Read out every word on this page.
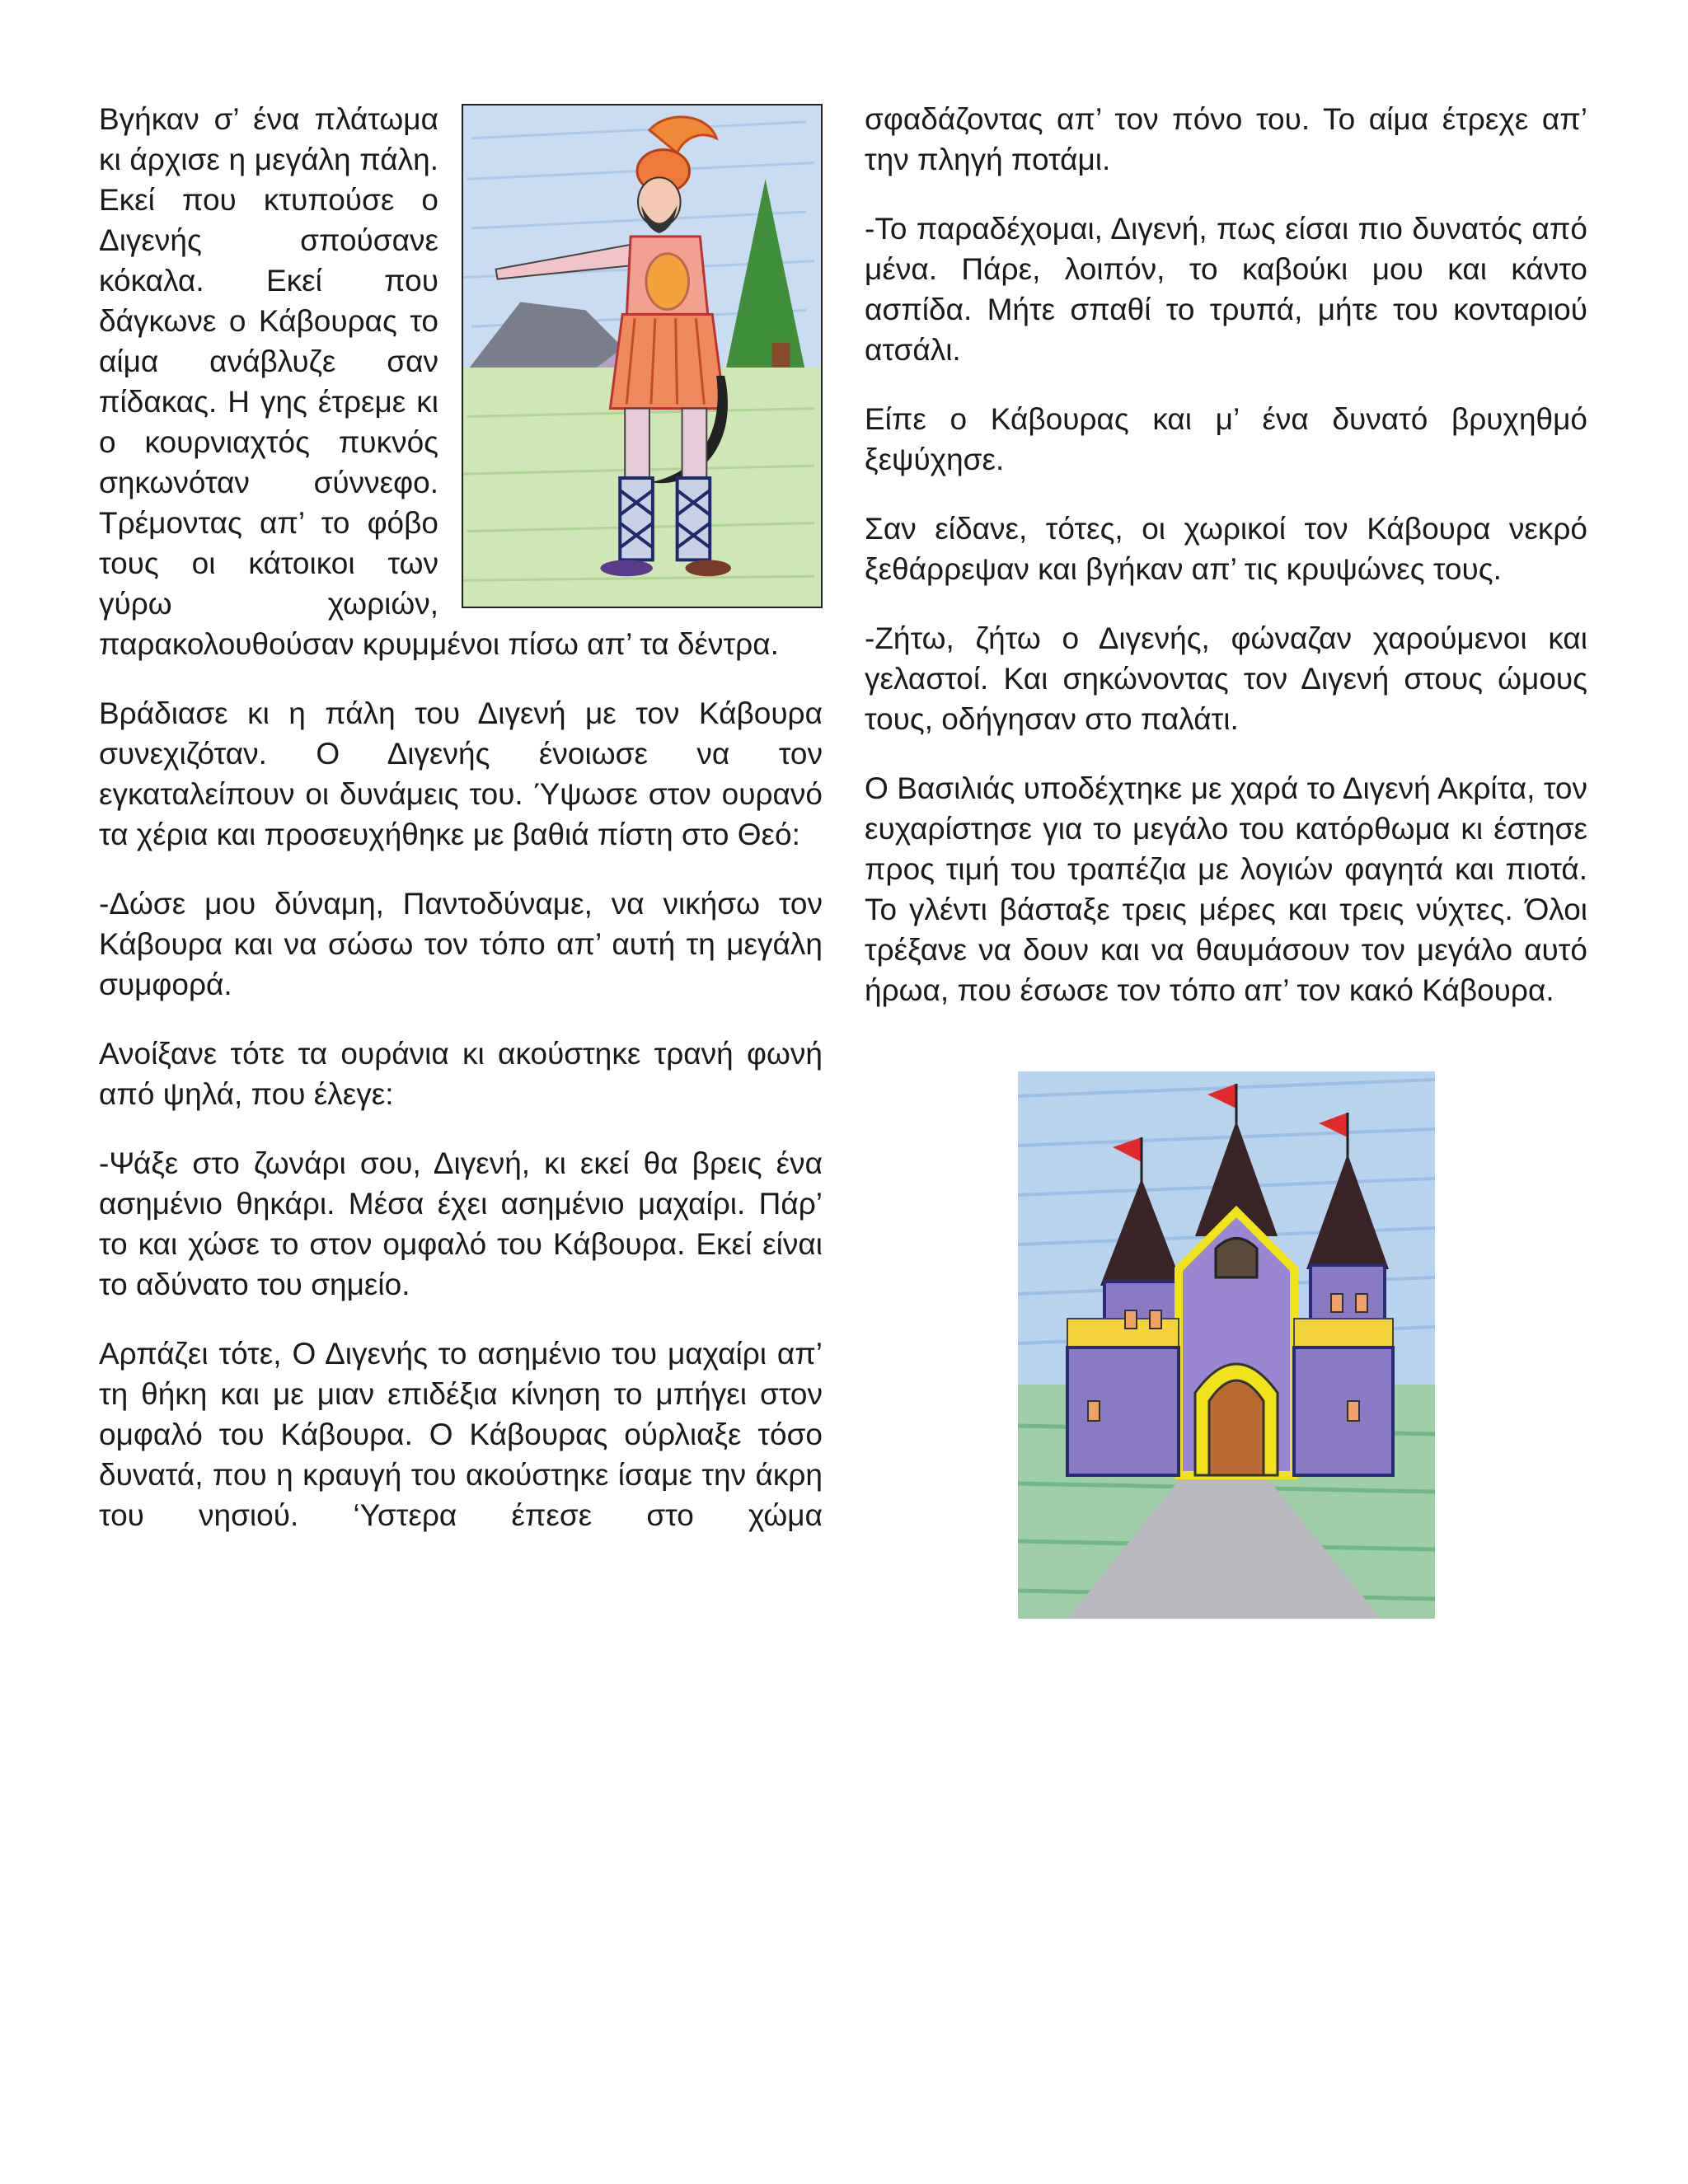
Βγήκαν σ’ ένα πλάτωμα κι άρχισε η μεγάλη πάλη. Εκεί που κτυπούσε ο Διγενής σπούσανε κόκαλα. Εκεί που δάγκωνε ο Κάβουρας το αίμα ανάβλυζε σαν πίδακας. Η γης έτρεμε κι ο κουρνιαχτός πυκνός σηκωνόταν σύννεφο. Τρέμοντας απ’ το φόβο τους οι κάτοικοι των γύρω χωριών, παρακολουθούσαν κρυμμένοι πίσω απ’ τα δέντρα.

Βράδιασε κι η πάλη του Διγενή με τον Κάβουρα συνεχιζόταν. Ο Διγενής ένοιωσε να τον εγκαταλείπουν οι δυνάμεις του. Ύψωσε στον ουρανό τα χέρια και προσευχήθηκε με βαθιά πίστη στο Θεό:

-Δώσε μου δύναμη, Παντοδύναμε, να νικήσω τον Κάβουρα και να σώσω τον τόπο απ’ αυτή τη μεγάλη συμφορά.

Ανοίξανε τότε τα ουράνια κι ακούστηκε τρανή φωνή από ψηλά, που έλεγε:

-Ψάξε στο ζωνάρι σου, Διγενή, κι εκεί θα βρεις ένα ασημένιο θηκάρι. Μέσα έχει ασημένιο μαχαίρι. Πάρ’ το και χώσε το στον ομφαλό του Κάβουρα. Εκεί είναι το αδύνατο του σημείο.

Αρπάζει τότε, Ο Διγενής το ασημένιο του μαχαίρι απ’ τη θήκη και με μιαν επιδέξια κίνηση το μπήγει στον ομφαλό του Κάβουρα. Ο Κάβουρας ούρλιαξε τόσο δυνατά, που η κραυγή του ακούστηκε ίσαμε την άκρη του νησιού. ‘Υστερα έπεσε στο χώμα

σφαδάζοντας απ’ τον πόνο του. Το αίμα έτρεχε απ’ την πληγή ποτάμι.

-Το παραδέχομαι, Διγενή, πως είσαι πιο δυνατός από μένα. Πάρε, λοιπόν, το καβούκι μου και κάντο ασπίδα. Μήτε σπαθί το τρυπά, μήτε του κονταριού ατσάλι.

Είπε ο Κάβουρας και μ’ ένα δυνατό βρυχηθμό ξεψύχησε.

Σαν είδανε, τότες, οι χωρικοί τον Κάβουρα νεκρό ξεθάρρεψαν και βγήκαν απ’ τις κρυψώνες τους.

-Ζήτω, ζήτω ο Διγενής, φώναζαν χαρούμενοι και γελαστοί. Και σηκώνοντας τον Διγενή στους ώμους τους, οδήγησαν στο παλάτι.

Ο Βασιλιάς υποδέχτηκε με χαρά το Διγενή Ακρίτα, τον ευχαρίστησε για το μεγάλο του κατόρθωμα κι έστησε προς τιμή του τραπέζια με λογιών φαγητά και πιοτά. Το γλέντι βάσταξε τρεις μέρες και τρεις νύχτες. Όλοι τρέξανε να δουν και να θαυμάσουν τον μεγάλο αυτό ήρωα, που έσωσε τον τόπο απ’ τον κακό Κάβουρα.
